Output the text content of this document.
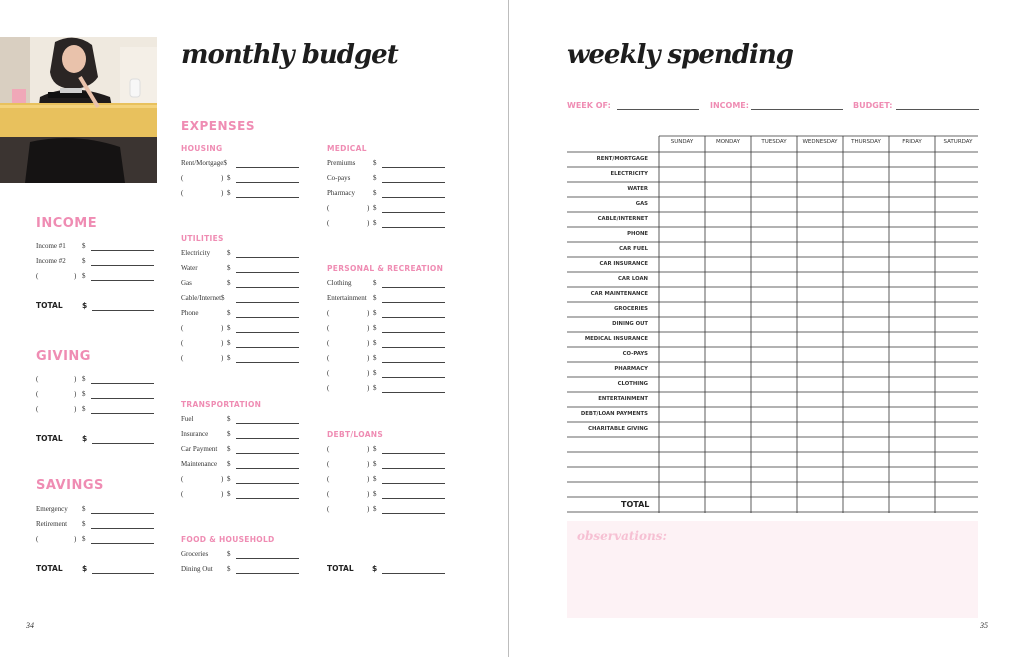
monthly budget
INCOME
Income #1 $
Income #2 $
(	) $
TOTAL	$
GIVING
(	) $
(	) $
(	) $
TOTAL	$
SAVINGS
Emergency $
Retirement $
(	) $
TOTAL	$
EXPENSES
HOUSING
Rent/Mortgage$
(	) $
(	) $
UTILITIES
Electricity $
Water	$
Gas	$
Cable/Internet$
Phone	$
(	) $
(	) $
(	) $
TRANSPORTATION
Fuel	$
Insurance	$
Car Payment $
Maintenance $
(	) $
(	) $
FOOD & HOUSEHOLD
Groceries	$
Dining Out $
MEDICAL
Premiums	$
Co-pays	$
Pharmacy	$
(	) $
(	) $
PERSONAL & RECREATION
Clothing	$
Entertainment $
(	) $
(	) $
(	) $
(	) $
(	) $
(	) $
DEBT/LOANS
(	) $
(	) $
(	) $
(	) $
(	) $
TOTAL $
34
weekly spending
WEEK OF:	INCOME:	BUDGET:
SUNDAY	MONDAY	TUESDAY	WEDNESDAY	THURSDAY	FRIDAY	SATURDAY
RENT/MORTGAGE
ELECTRICITY
WATER
GAS
CABLE/INTERNET
PHONE
CAR FUEL
CAR INSURANCE
CAR LOAN
CAR MAINTENANCE
GROCERIES
DINING OUT
MEDICAL INSURANCE
CO-PAYS
PHARMACY
CLOTHING
ENTERTAINMENT
DEBT/LOAN PAYMENTS
CHARITABLE GIVING
TOTAL
observations:
35
